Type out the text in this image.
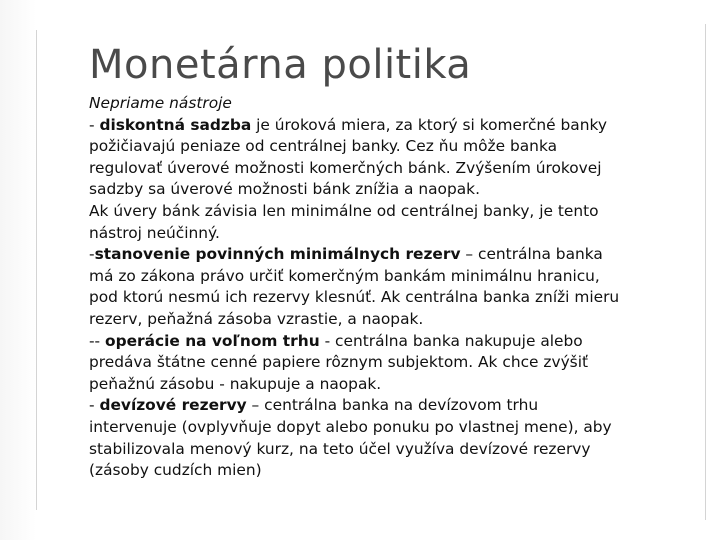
Monetárna politika
Nepriame nástroje
- diskontná sadzba je úroková miera, za ktorý si komerčné banky
požičiavajú peniaze od centrálnej banky. Cez ňu môže banka
regulovať úverové možnosti komerčných bánk. Zvýšením úrokovej
sadzby sa úverové možnosti bánk znížia a naopak.
Ak úvery bánk závisia len minimálne od centrálnej banky, je tento
nástroj neúčinný.
-stanovenie povinných minimálnych rezerv – centrálna banka
má zo zákona právo určiť komerčným bankám minimálnu hranicu,
pod ktorú nesmú ich rezervy klesnúť. Ak centrálna banka zníži mieru
rezerv, peňažná zásoba vzrastie, a naopak.
-- operácie na voľnom trhu - centrálna banka nakupuje alebo
predáva štátne cenné papiere rôznym subjektom. Ak chce zvýšiť
peňažnú zásobu - nakupuje a naopak.
- devízové rezervy – centrálna banka na devízovom trhu
intervenuje (ovplyvňuje dopyt alebo ponuku po vlastnej mene), aby
stabilizovala menový kurz, na teto účel využíva devízové rezervy
(zásoby cudzích mien)
